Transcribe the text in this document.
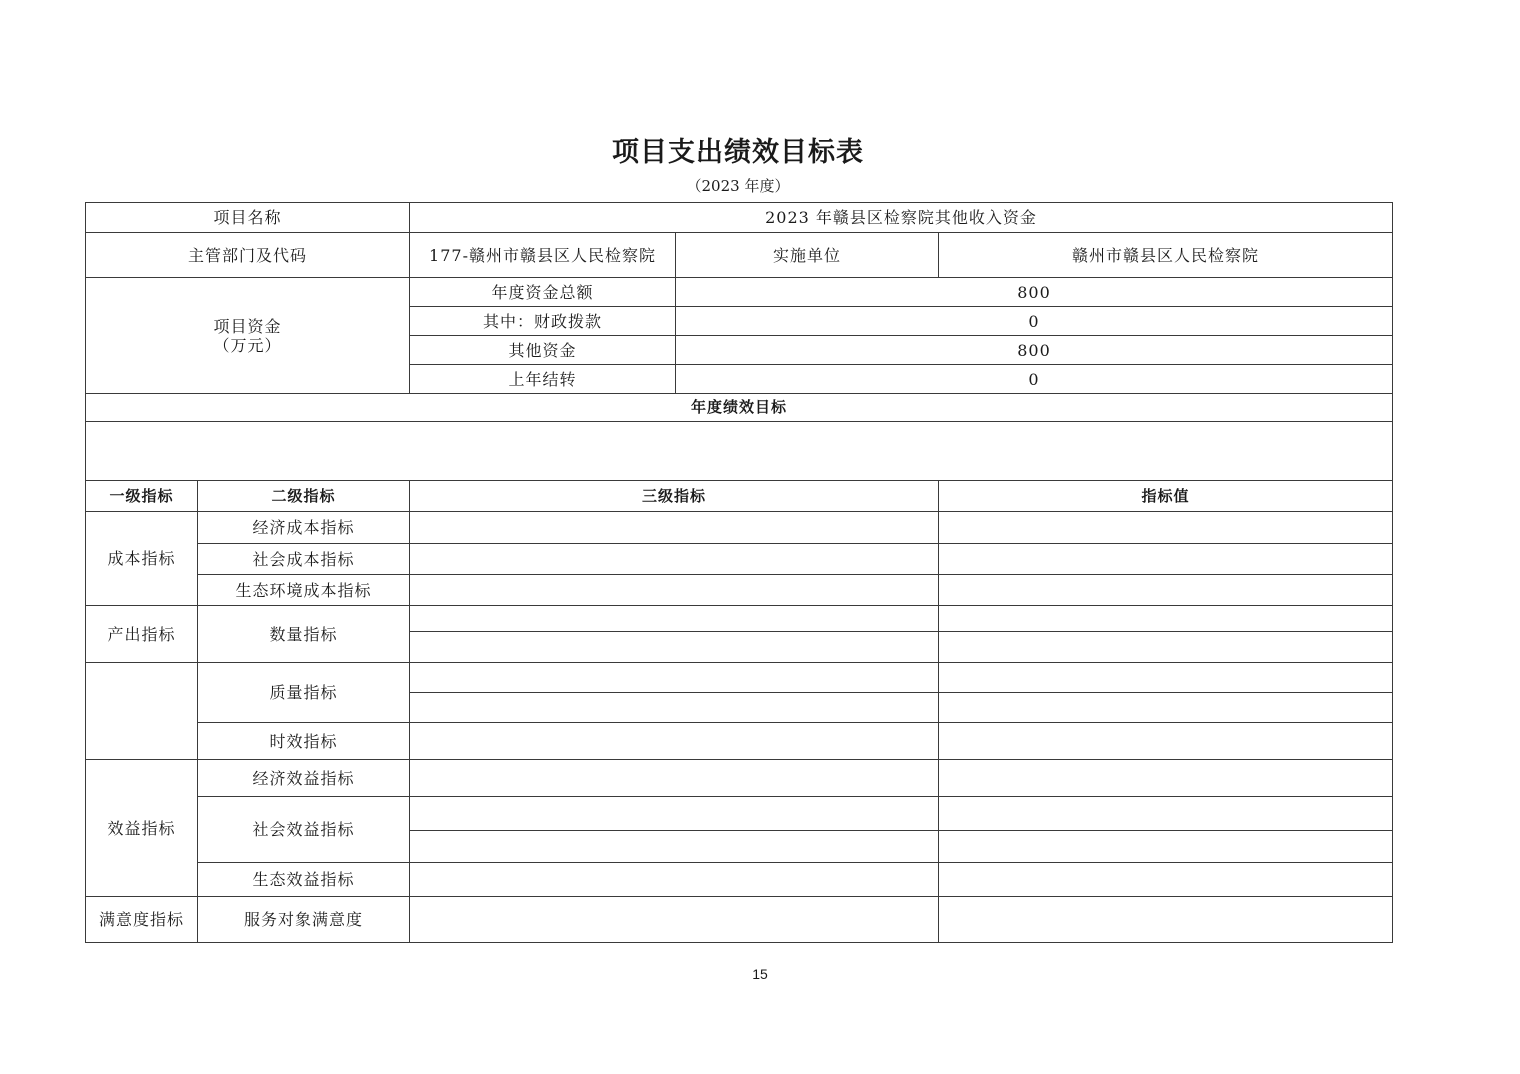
项目支出绩效目标表
（2023 年度）
项目名称		2023 年赣县区检察院其他收入资金		
主管部门及代码		177-赣州市赣县区人民检察院	实施单位	赣州市赣县区人民检察院

项目资金
（万元）		年度资金总额	800	
		其中：财政拨款	0	
		其他资金	800	
		上年结转	0	
年度绩效目标				

一级指标	二级指标	三级指标		指标值
成本指标	经济成本指标			
	社会成本指标			
	生态环境成本指标			
产出指标	数量指标			

	质量指标			

	时效指标			
效益指标	经济效益指标			
	社会效益指标			

	生态效益指标			
满意度指标	服务对象满意度			
15
